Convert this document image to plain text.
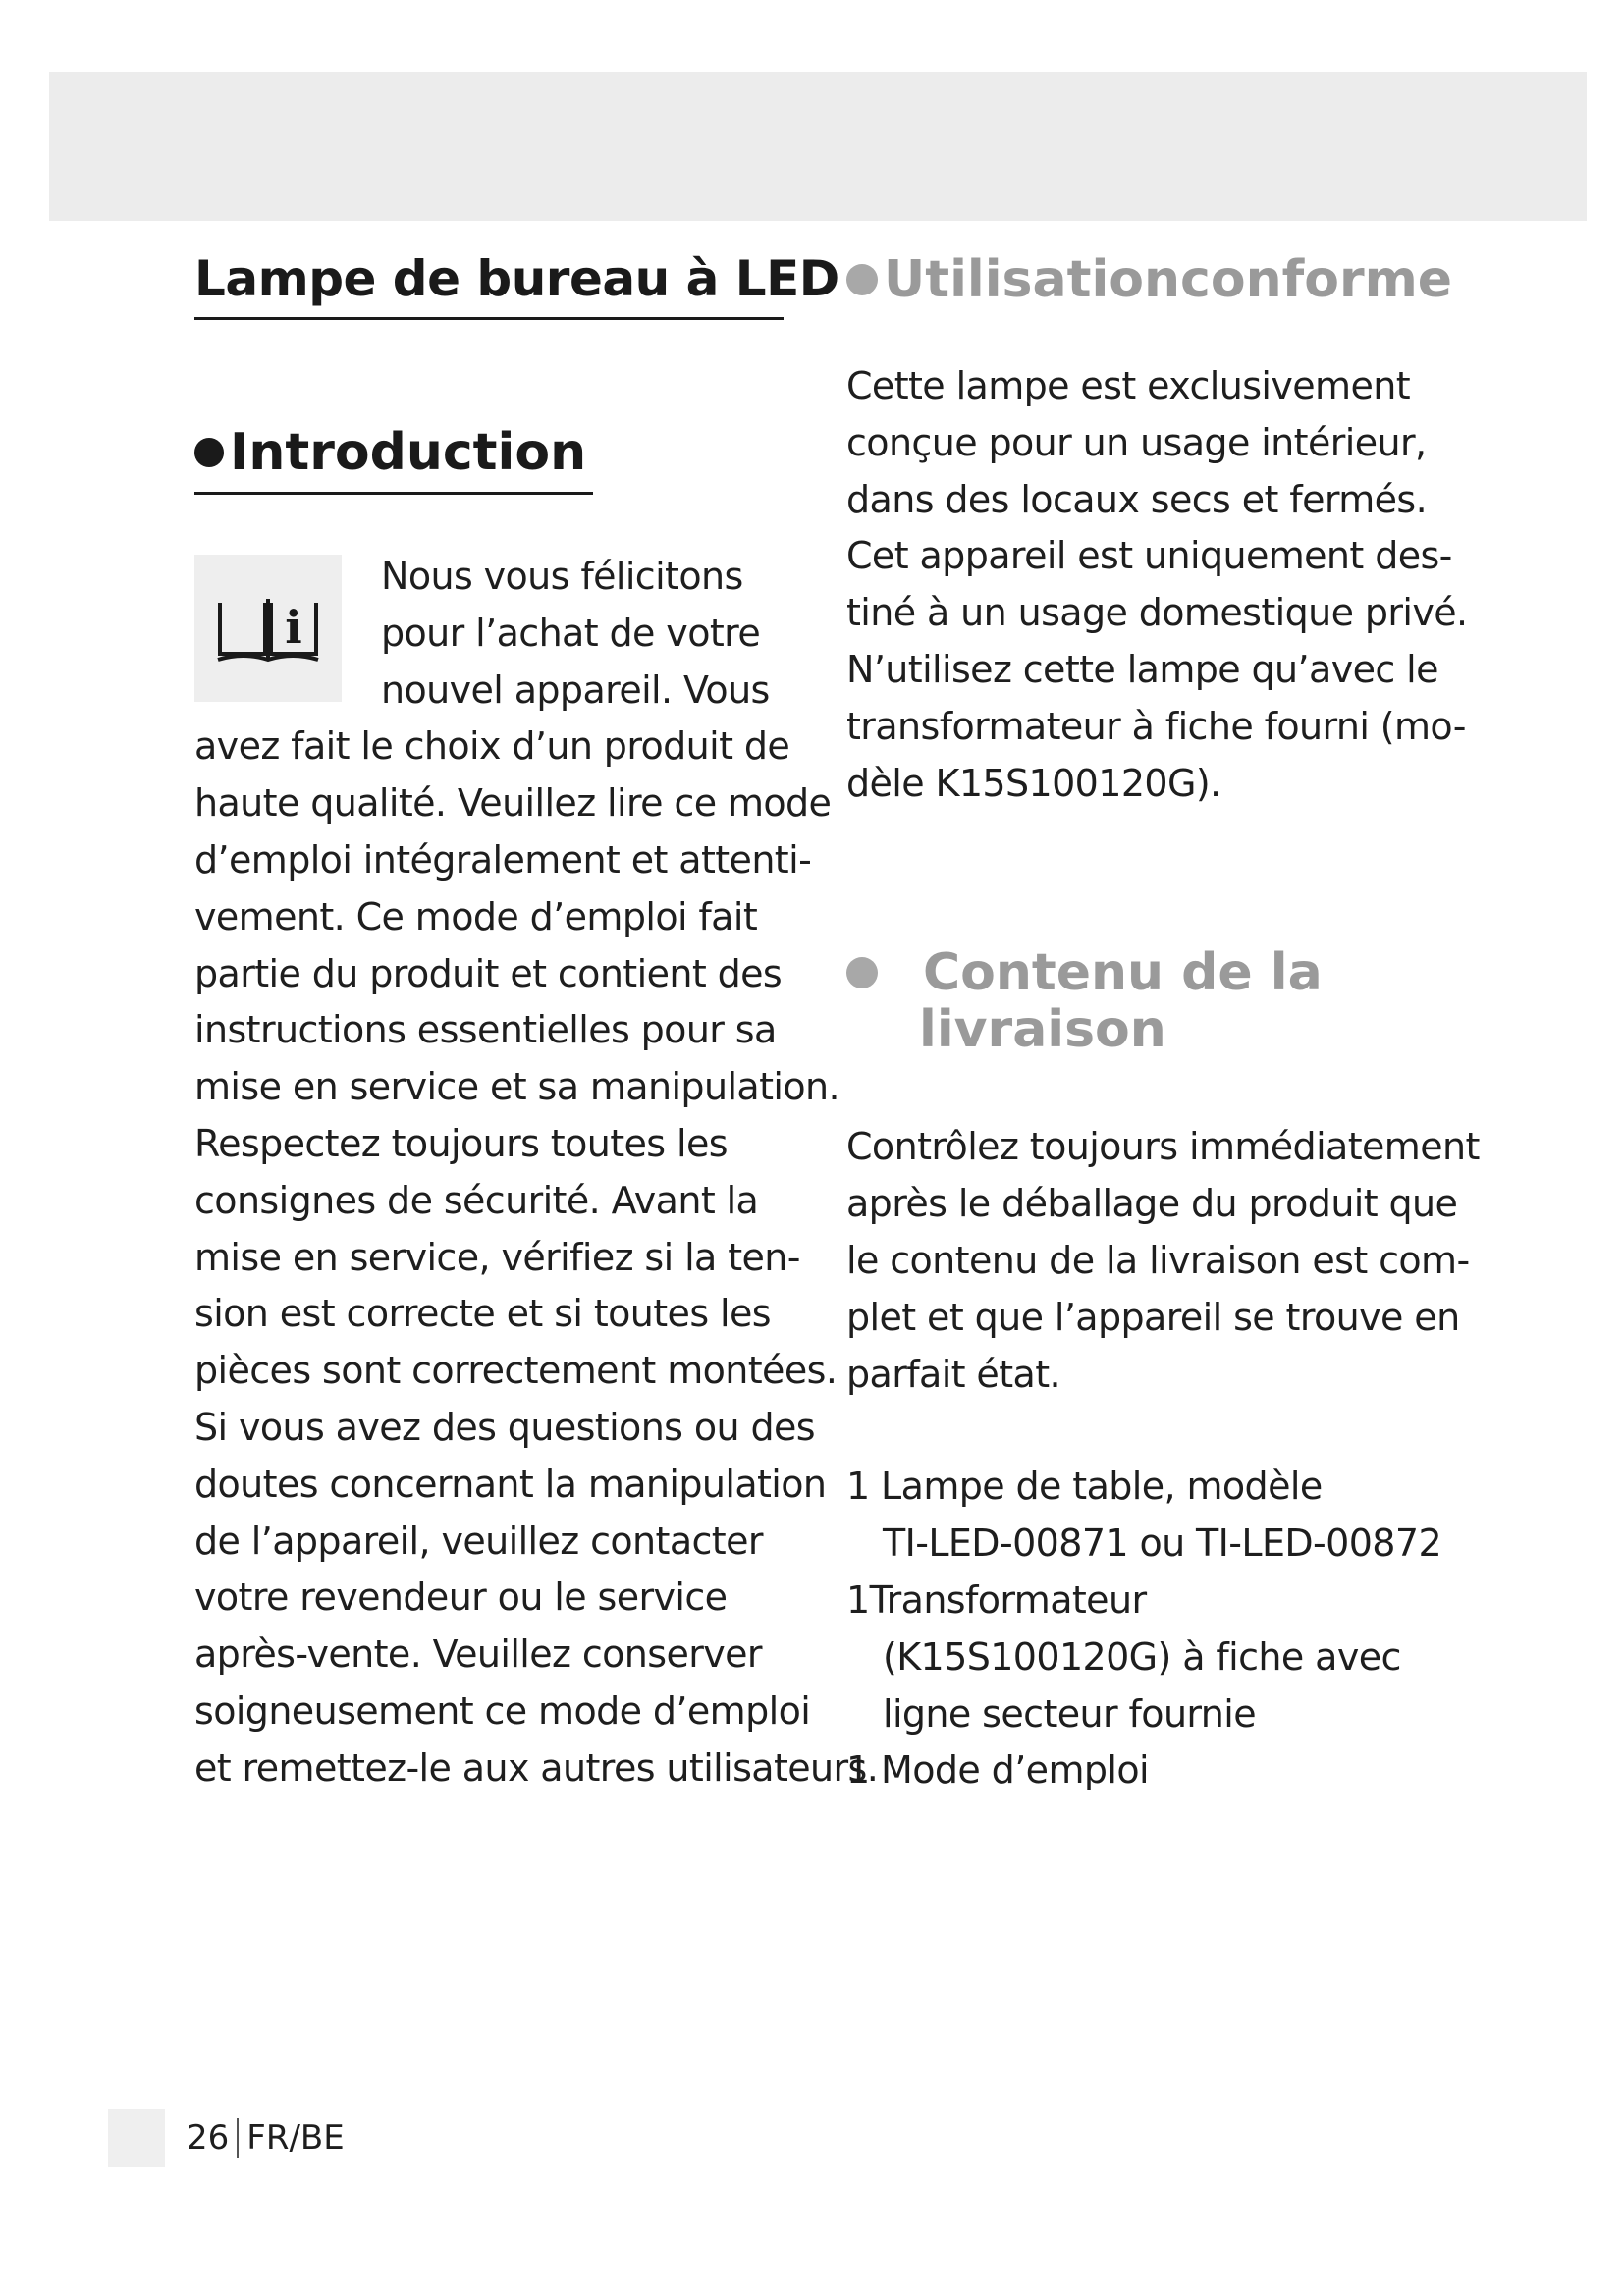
Lampe de bureau à LED
Introduction
i

Nous vous félicitons

pour l’achat de votre

nouvel appareil. Vous

avez fait le choix d’un produit de

haute qualité. Veuillez lire ce mode

d’emploi intégralement et attenti-

vement. Ce mode d’emploi fait

partie du produit et contient des

instructions essentielles pour sa

mise en service et sa manipulation.

Respectez toujours toutes les

consignes de sécurité. Avant la

mise en service, vérifiez si la ten-

sion est correcte et si toutes les

pièces sont correctement montées.

Si vous avez des questions ou des

doutes concernant la manipulation

de l’appareil, veuillez contacter

votre revendeur ou le service

après-vente. Veuillez conserver

soigneusement ce mode d’emploi

et remettez-le aux autres utilisateurs.

Utilisationconforme

Cette lampe est exclusivement

conçue pour un usage intérieur,

dans des locaux secs et fermés.

Cet appareil est uniquement des-

tiné à un usage domestique privé.

N’utilisez cette lampe qu’avec le

transformateur à fiche fourni (mo-

dèle K15S100120G).

Contenu de la
livraison

Contrôlez toujours immédiatement

après le déballage du produit que

le contenu de la livraison est com-

plet et que l’appareil se trouve en

parfait état.

1 Lampe de table, modèle

TI-LED-00871 ou TI-LED-00872

1Transformateur

(K15S100120G) à fiche avec

ligne secteur fournie

1 Mode d’emploi

26 FR/BE
